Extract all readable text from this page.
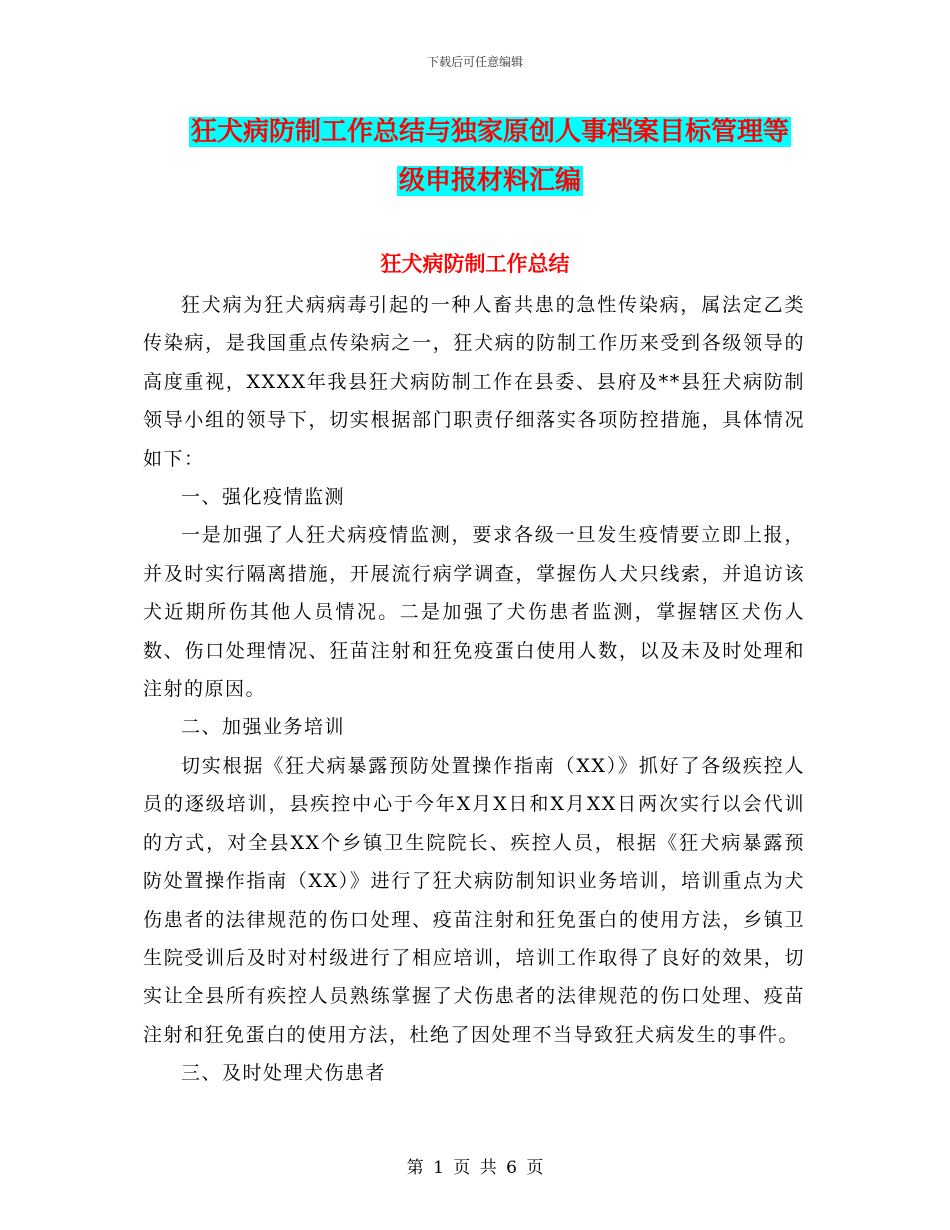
下载后可任意编辑
狂犬病防制工作总结与独家原创人事档案目标管理等
级申报材料汇编
狂犬病防制工作总结

狂犬病为狂犬病病毒引起的一种人畜共患的急性传染病，属法定乙类传染病，是我国重点传染病之一，狂犬病的防制工作历来受到各级领导的高度重视，XXXX年我县狂犬病防制工作在县委、县府及**县狂犬病防制领导小组的领导下，切实根据部门职责仔细落实各项防控措施，具体情况如下：

一、强化疫情监测

一是加强了人狂犬病疫情监测，要求各级一旦发生疫情要立即上报，并及时实行隔离措施，开展流行病学调查，掌握伤人犬只线索，并追访该犬近期所伤其他人员情况。二是加强了犬伤患者监测，掌握辖区犬伤人数、伤口处理情况、狂苗注射和狂免疫蛋白使用人数，以及未及时处理和注射的原因。

二、加强业务培训

切实根据《狂犬病暴露预防处置操作指南（XX）》抓好了各级疾控人员的逐级培训，县疾控中心于今年X月X日和X月XX日两次实行以会代训的方式，对全县XX个乡镇卫生院院长、疾控人员，根据《狂犬病暴露预防处置操作指南（XX）》进行了狂犬病防制知识业务培训，培训重点为犬伤患者的法律规范的伤口处理、疫苗注射和狂免蛋白的使用方法，乡镇卫生院受训后及时对村级进行了相应培训，培训工作取得了良好的效果，切实让全县所有疾控人员熟练掌握了犬伤患者的法律规范的伤口处理、疫苗注射和狂免蛋白的使用方法，杜绝了因处理不当导致狂犬病发生的事件。

三、及时处理犬伤患者

第 1 页 共 6 页
